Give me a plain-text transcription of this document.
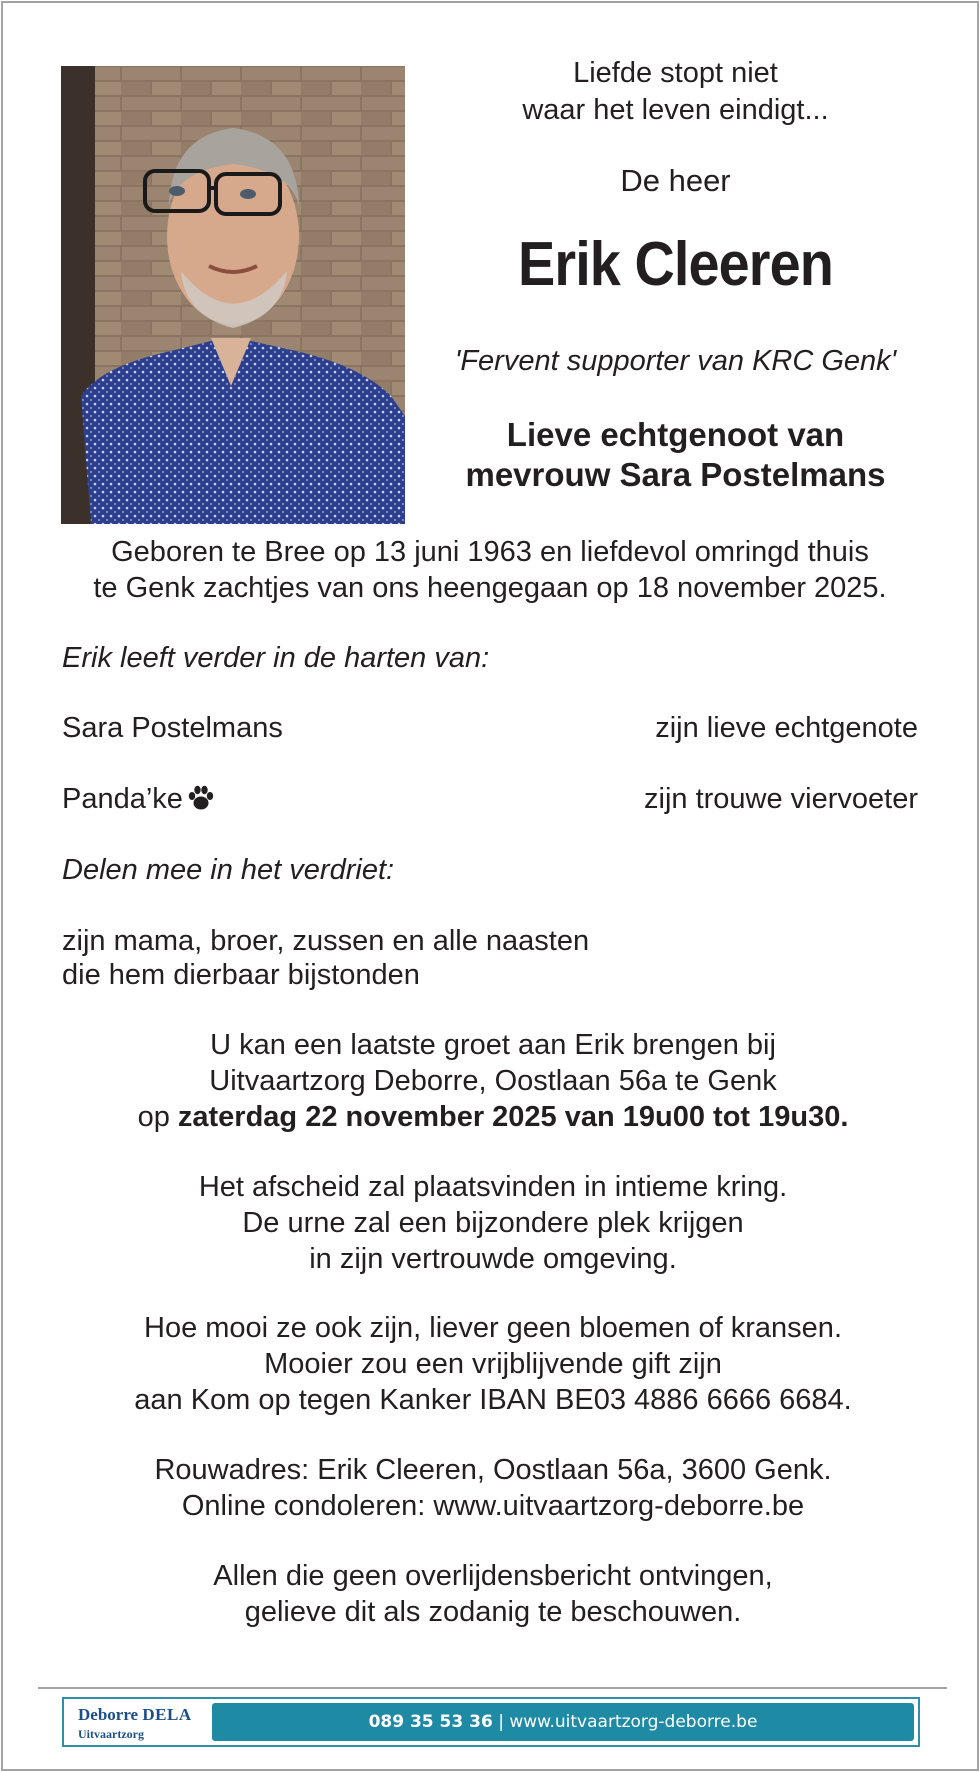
Liefde stopt niet
waar het leven eindigt...
De heer
Erik Cleeren
'Fervent supporter van KRC Genk'
Lieve echtgenoot van
mevrouw Sara Postelmans
Geboren te Bree op 13 juni 1963 en liefdevol omringd thuis
te Genk zachtjes van ons heengegaan op 18 november 2025.
Erik leeft verder in de harten van:
Sara Postelmans	zijn lieve echtgenote
Panda’ke	zijn trouwe viervoeter
Delen mee in het verdriet:
zijn mama, broer, zussen en alle naasten
die hem dierbaar bijstonden
U kan een laatste groet aan Erik brengen bij
Uitvaartzorg Deborre, Oostlaan 56a te Genk
op zaterdag 22 november 2025 van 19u00 tot 19u30.
Het afscheid zal plaatsvinden in intieme kring.
De urne zal een bijzondere plek krijgen
in zijn vertrouwde omgeving.
Hoe mooi ze ook zijn, liever geen bloemen of kransen.
Mooier zou een vrijblijvende gift zijn
aan Kom op tegen Kanker IBAN BE03 4886 6666 6684.
Rouwadres: Erik Cleeren, Oostlaan 56a, 3600 Genk.
Online condoleren: www.uitvaartzorg-deborre.be
Allen die geen overlijdensbericht ontvingen,
gelieve dit als zodanig te beschouwen.
Deborre DELA
Uitvaartzorg
089 35 53 36 | www.uitvaartzorg-deborre.be
